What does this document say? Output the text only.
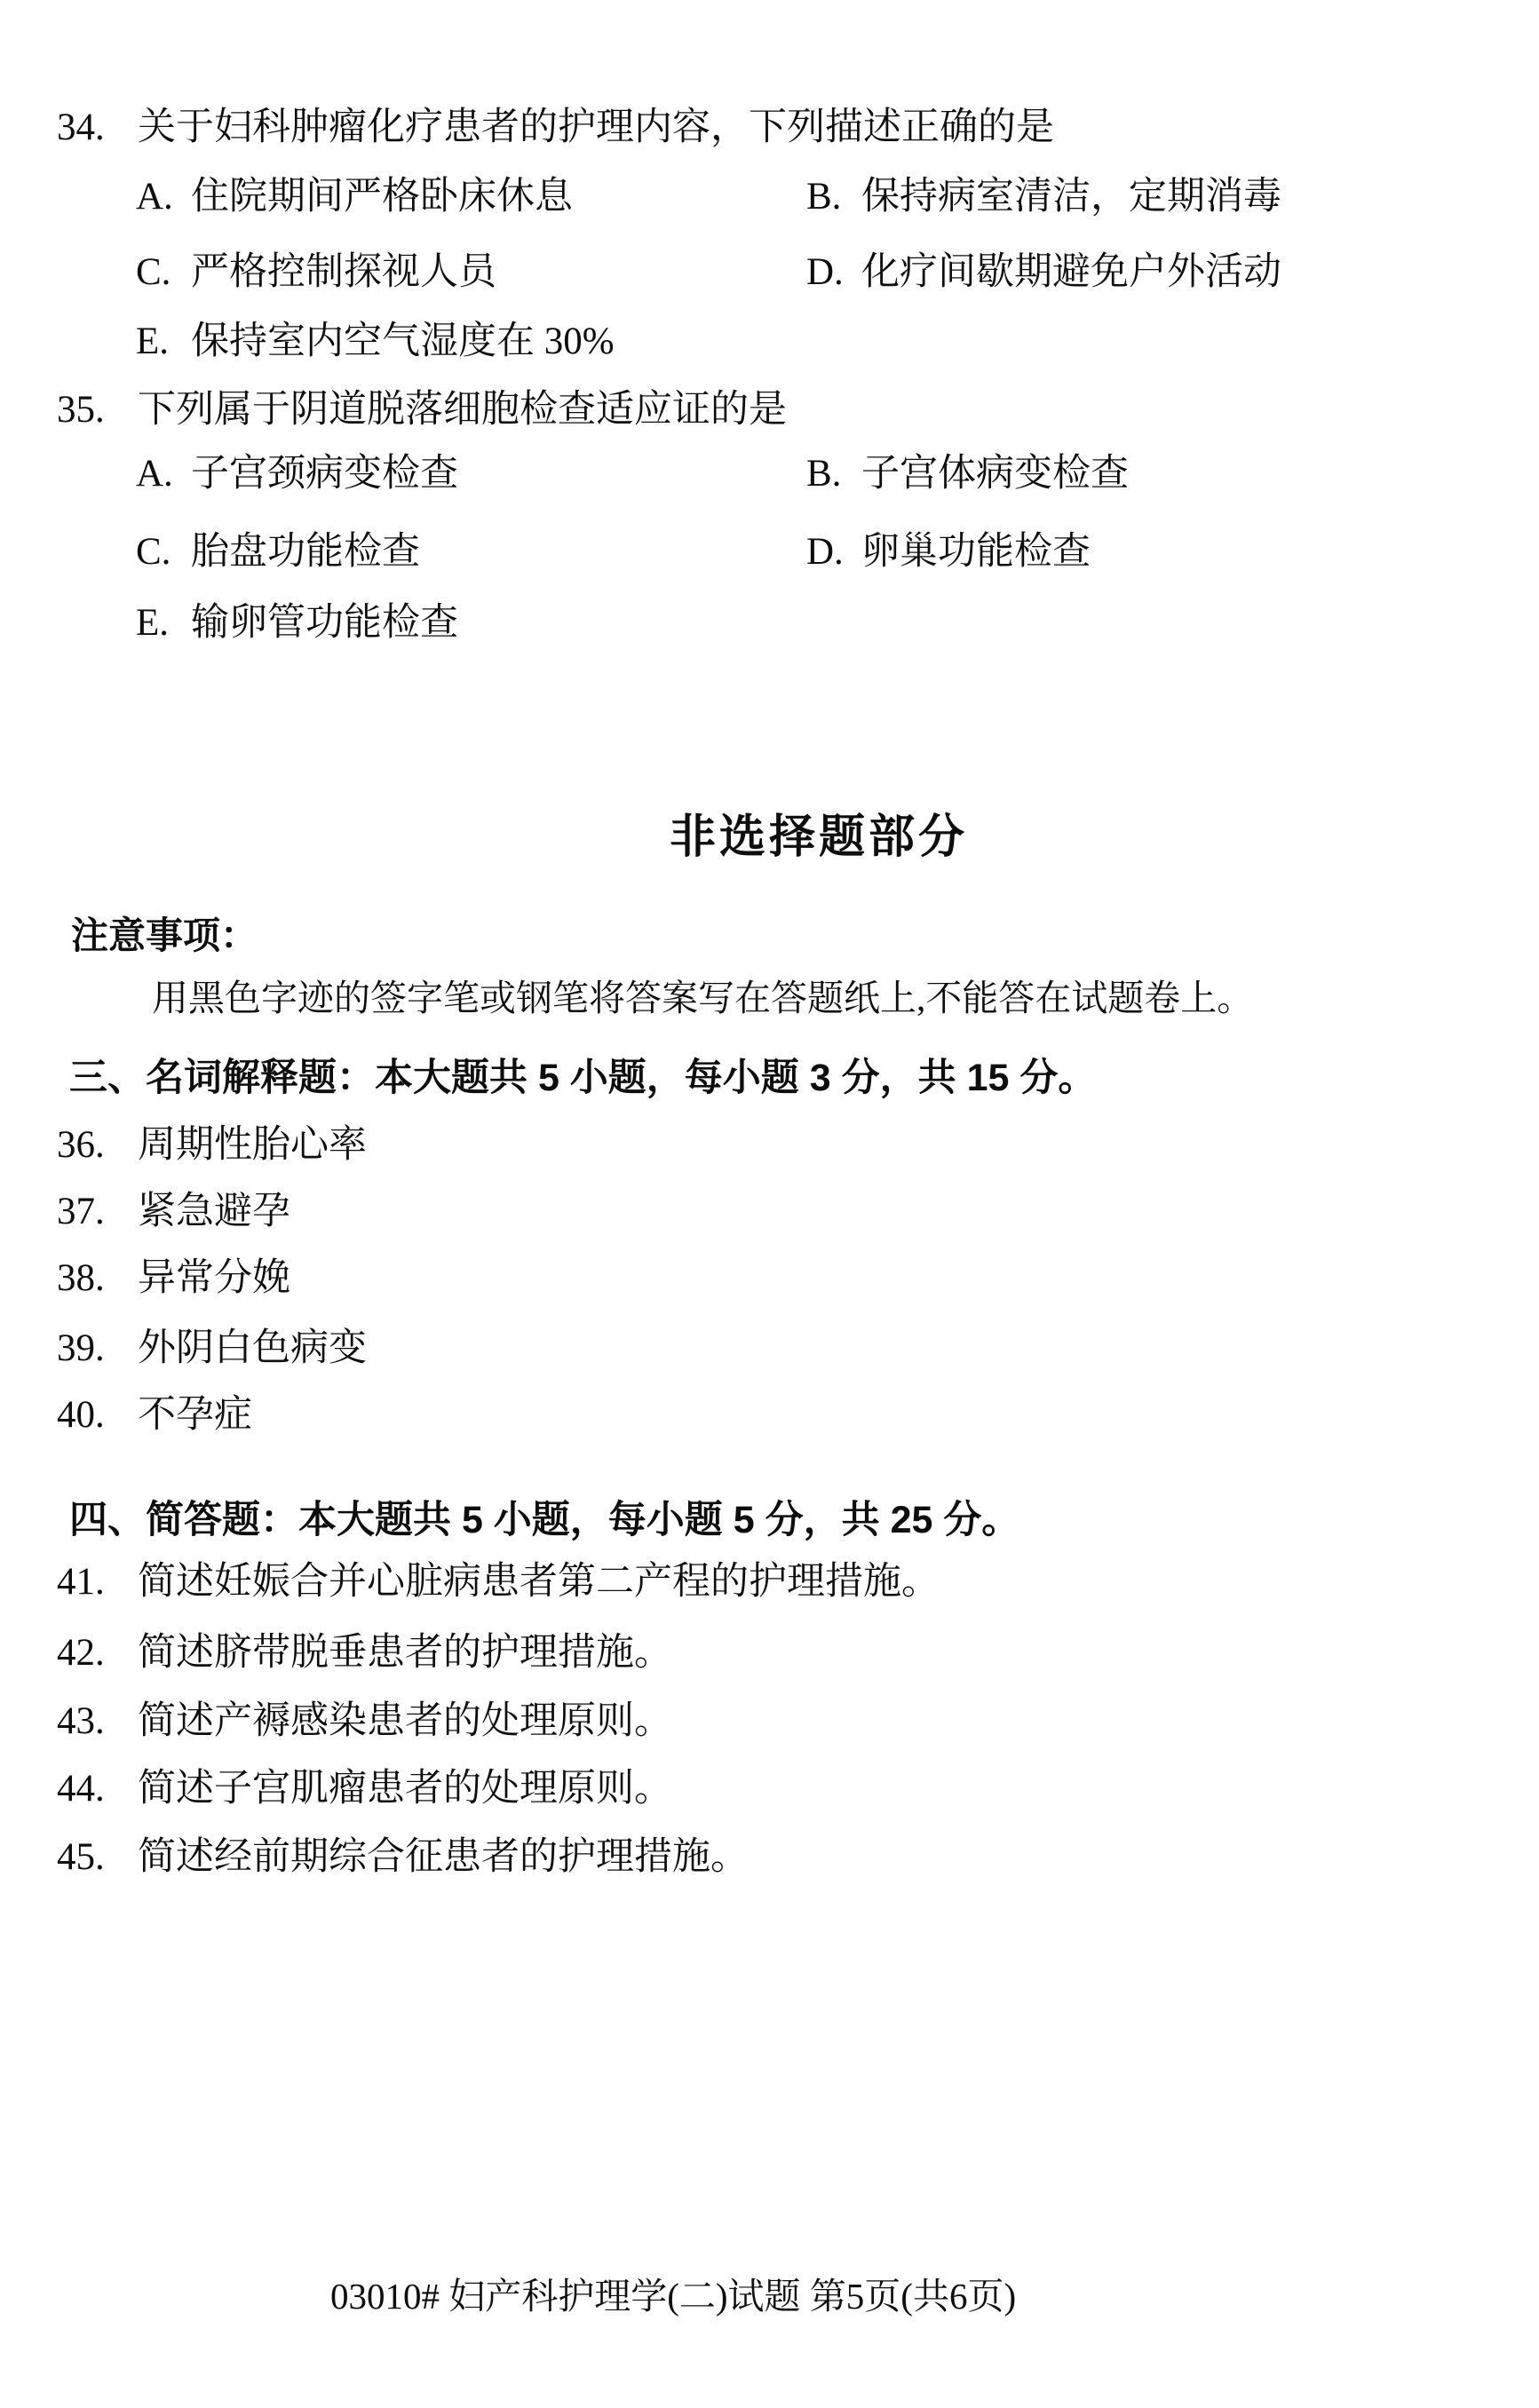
34. 关于妇科肿瘤化疗患者的护理内容，下列描述正确的是
A. 住院期间严格卧床休息	B. 保持病室清洁，定期消毒
C. 严格控制探视人员	D. 化疗间歇期避免户外活动
E. 保持室内空气湿度在 30%
35. 下列属于阴道脱落细胞检查适应证的是
A. 子宫颈病变检查	B. 子宫体病变检查
C. 胎盘功能检查	D. 卵巢功能检查
E. 输卵管功能检查
非选择题部分
注意事项：
用黑色字迹的签字笔或钢笔将答案写在答题纸上,不能答在试题卷上。
三、名词解释题：本大题共 5 小题，每小题 3 分，共 15 分。
36. 周期性胎心率
37. 紧急避孕
38. 异常分娩
39. 外阴白色病变
40. 不孕症
四、简答题：本大题共 5 小题，每小题 5 分，共 25 分。
41. 简述妊娠合并心脏病患者第二产程的护理措施。
42. 简述脐带脱垂患者的护理措施。
43. 简述产褥感染患者的处理原则。
44. 简述子宫肌瘤患者的处理原则。
45. 简述经前期综合征患者的护理措施。
03010# 妇产科护理学(二)试题 第5页(共6页)
